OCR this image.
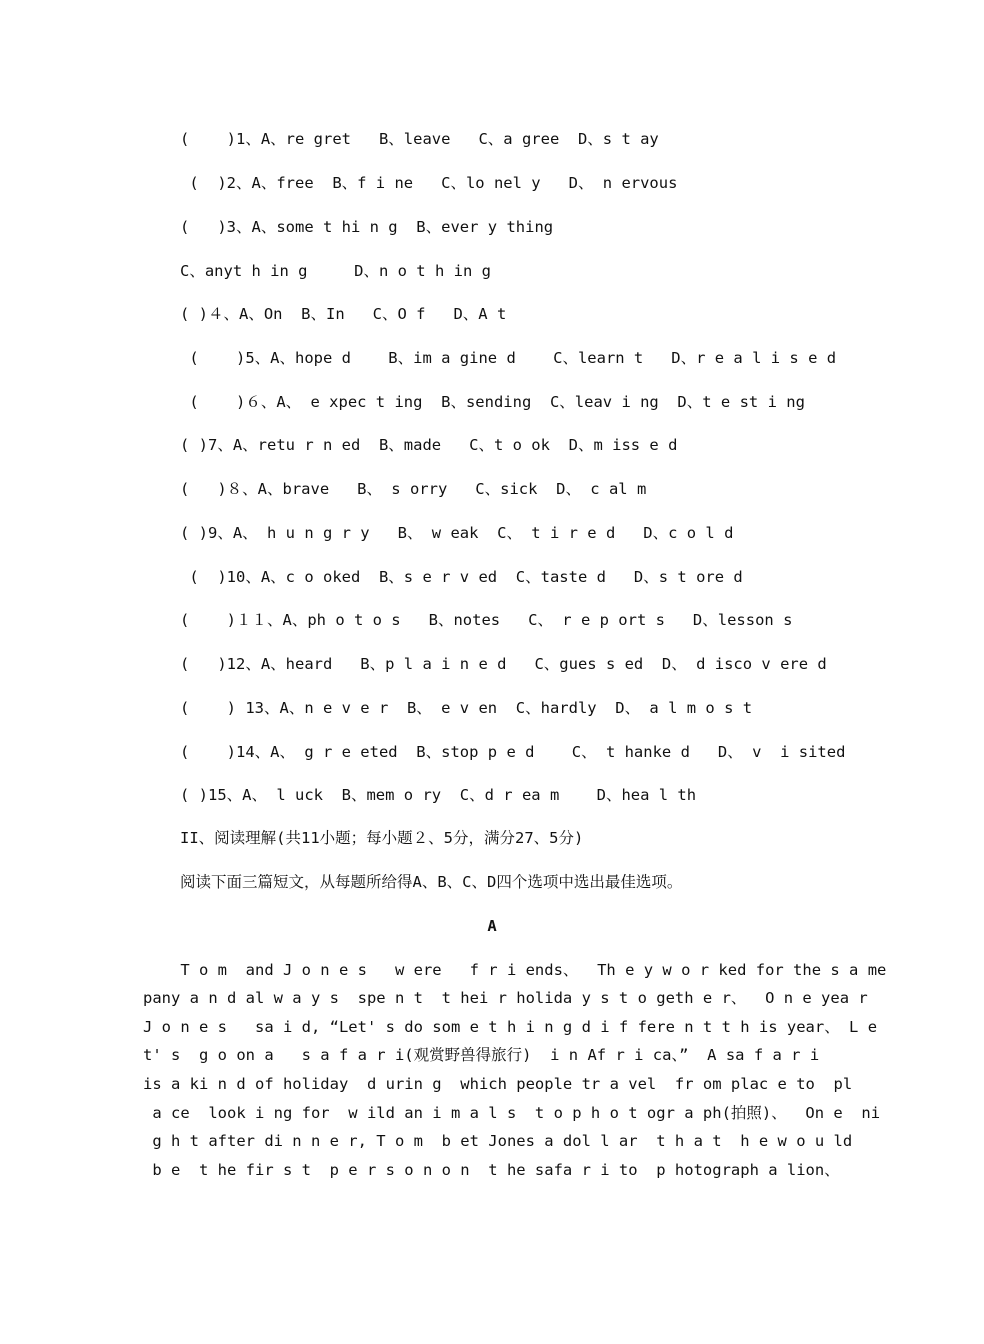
(    )1、A、re gret   B、leave   C、a gree  D、s t ay
(  )2、A、free  B、f i ne   C、lo nel y   D、 n ervous
(   )3、A、some t hi n g  B、ever y thing
C、anyt h in g     D、n o t h in g
( )４、A、On  B、In   C、O f   D、A t
(    )5、A、hope d    B、im a gine d    C、learn t   D、r e a l i s e d
(    )６、A、 e xpec t ing  B、sending  C、leav i ng  D、t e st i ng
( )7、A、retu r n ed  B、made   C、t o ok  D、m iss e d
(   )８、A、brave   B、 s orry   C、sick  D、 c al m
( )9、A、 h u n g r y   B、 w eak  C、 t i r e d   D、c o l d
(  )10、A、c o oked  B、s e r v ed  C、taste d   D、s t ore d
(    )１１、A、ph o t o s   B、notes   C、 r e p ort s   D、lesson s
(   )12、A、heard   B、p l a i n e d   C、gues s ed  D、 d isco v ere d
(    ) 13、A、n e v e r  B、 e v en  C、hardly  D、 a l m o s t
(    )14、A、 g r e eted  B、stop p e d    C、 t hanke d   D、 v  i sited
( )15、A、 l uck  B、mem o ry  C、d r ea m    D、hea l th
II、阅读理解(共11小题；每小题２、5分，满分27、5分)
阅读下面三篇短文，从每题所给得A、B、C、D四个选项中选出最佳选项。
A
T o m  and J o n e s   w ere   f r i ends、  Th e y w o r ked for the s a me
pany a n d al w a y s  spe n t  t hei r holida y s t o geth e r、  O n e yea r
J o n e s   sa i d, “Let' s do som e t h i n g d i f fere n t t h is year、 L e
t' s  g o on a   s a f a r i(观赏野兽得旅行)  i n Af r i ca、”  A sa f a r i
is a ki n d of holiday  d urin g  which people tr a vel  fr om plac e to  pl
a ce  look i ng for  w ild an i m a l s  t o p h o t ogr a ph(拍照)、  On e  ni
g h t after di n n e r, T o m  b et Jones a dol l ar  t h a t  h e w o u ld
b e  t he fir s t  p e r s o n o n  t he safa r i to  p hotograph a lion、
